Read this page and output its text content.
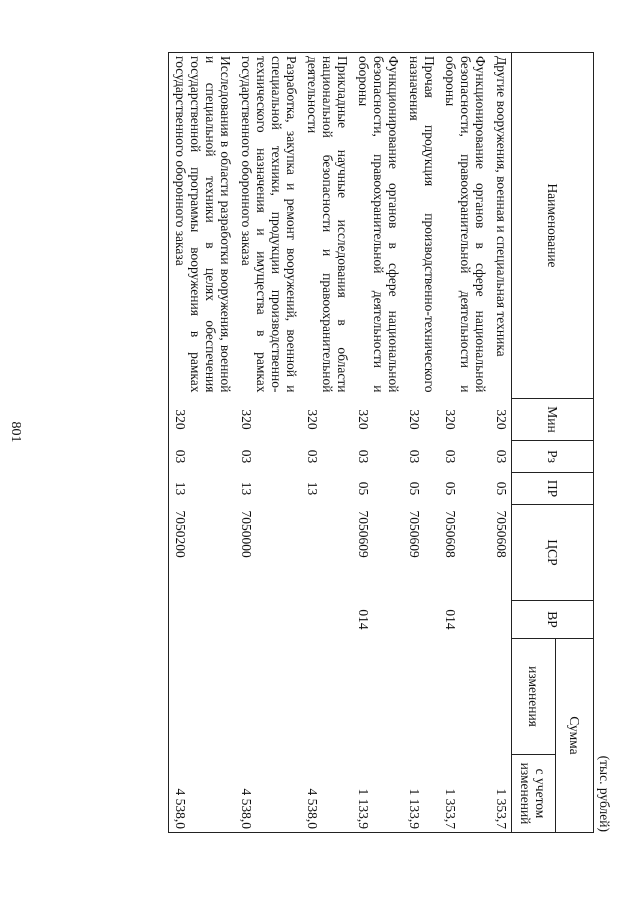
801
(тыс. рублей)
Наименование	Мин	Рз	ПР	ЦСР	ВР	Сумма	
						изменения	с учетом изменений
Другие вооружения, военная и специальная техника	320	03	05	7050608			1 353,7
Функционирование органов в сфере национальной безопасности, правоохранительной деятельности и обороны	320	03	05	7050608	014		1 353,7
Прочая продукция производственно-технического назначения	320	03	05	7050609			1 133,9
Функционирование органов в сфере национальной безопасности, правоохранительной деятельности и обороны	320	03	05	7050609	014		1 133,9
Прикладные научные исследования в области национальной безопасности и правоохранительной деятельности	320	03	13				4 538,0
Разработка, закупка и ремонт вооружений, военной и специальной техники, продукции производственно-технического назначения и имущества в рамках государственного оборонного заказа	320	03	13	7050000			4 538,0
Исследования в области разработки вооружения, военной и специальной техники в целях обеспечения государственной программы вооружения в рамках государственного оборонного заказа	320	03	13	7050200			4 538,0
